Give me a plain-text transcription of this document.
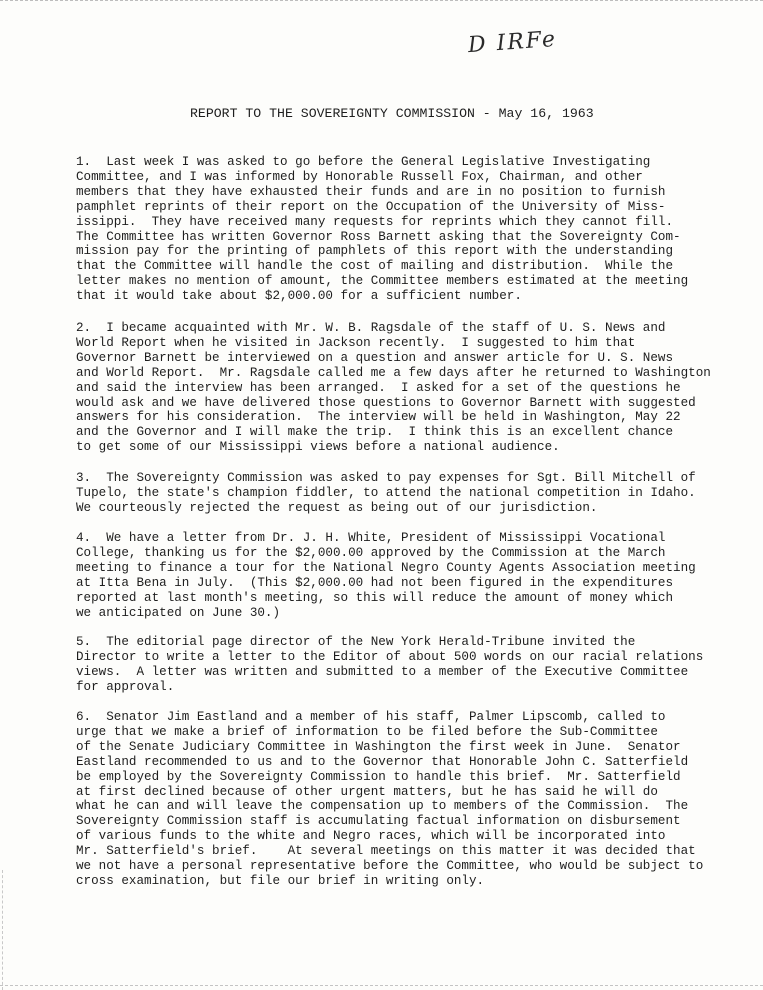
D IRFe
REPORT TO THE SOVEREIGNTY COMMISSION - May 16, 1963
1.  Last week I was asked to go before the General Legislative Investigating
Committee, and I was informed by Honorable Russell Fox, Chairman, and other
members that they have exhausted their funds and are in no position to furnish
pamphlet reprints of their report on the Occupation of the University of Miss-
issippi.  They have received many requests for reprints which they cannot fill.
The Committee has written Governor Ross Barnett asking that the Sovereignty Com-
mission pay for the printing of pamphlets of this report with the understanding
that the Committee will handle the cost of mailing and distribution.  While the
letter makes no mention of amount, the Committee members estimated at the meeting
that it would take about $2,000.00 for a sufficient number.
2.  I became acquainted with Mr. W. B. Ragsdale of the staff of U. S. News and
World Report when he visited in Jackson recently.  I suggested to him that
Governor Barnett be interviewed on a question and answer article for U. S. News
and World Report.  Mr. Ragsdale called me a few days after he returned to Washington
and said the interview has been arranged.  I asked for a set of the questions he
would ask and we have delivered those questions to Governor Barnett with suggested
answers for his consideration.  The interview will be held in Washington, May 22
and the Governor and I will make the trip.  I think this is an excellent chance
to get some of our Mississippi views before a national audience.
3.  The Sovereignty Commission was asked to pay expenses for Sgt. Bill Mitchell of
Tupelo, the state's champion fiddler, to attend the national competition in Idaho.
We courteously rejected the request as being out of our jurisdiction.
4.  We have a letter from Dr. J. H. White, President of Mississippi Vocational
College, thanking us for the $2,000.00 approved by the Commission at the March
meeting to finance a tour for the National Negro County Agents Association meeting
at Itta Bena in July.  (This $2,000.00 had not been figured in the expenditures
reported at last month's meeting, so this will reduce the amount of money which
we anticipated on June 30.)
5.  The editorial page director of the New York Herald-Tribune invited the
Director to write a letter to the Editor of about 500 words on our racial relations
views.  A letter was written and submitted to a member of the Executive Committee
for approval.
6.  Senator Jim Eastland and a member of his staff, Palmer Lipscomb, called to
urge that we make a brief of information to be filed before the Sub-Committee
of the Senate Judiciary Committee in Washington the first week in June.  Senator
Eastland recommended to us and to the Governor that Honorable John C. Satterfield
be employed by the Sovereignty Commission to handle this brief.  Mr. Satterfield
at first declined because of other urgent matters, but he has said he will do
what he can and will leave the compensation up to members of the Commission.  The
Sovereignty Commission staff is accumulating factual information on disbursement
of various funds to the white and Negro races, which will be incorporated into
Mr. Satterfield's brief.    At several meetings on this matter it was decided that
we not have a personal representative before the Committee, who would be subject to
cross examination, but file our brief in writing only.
